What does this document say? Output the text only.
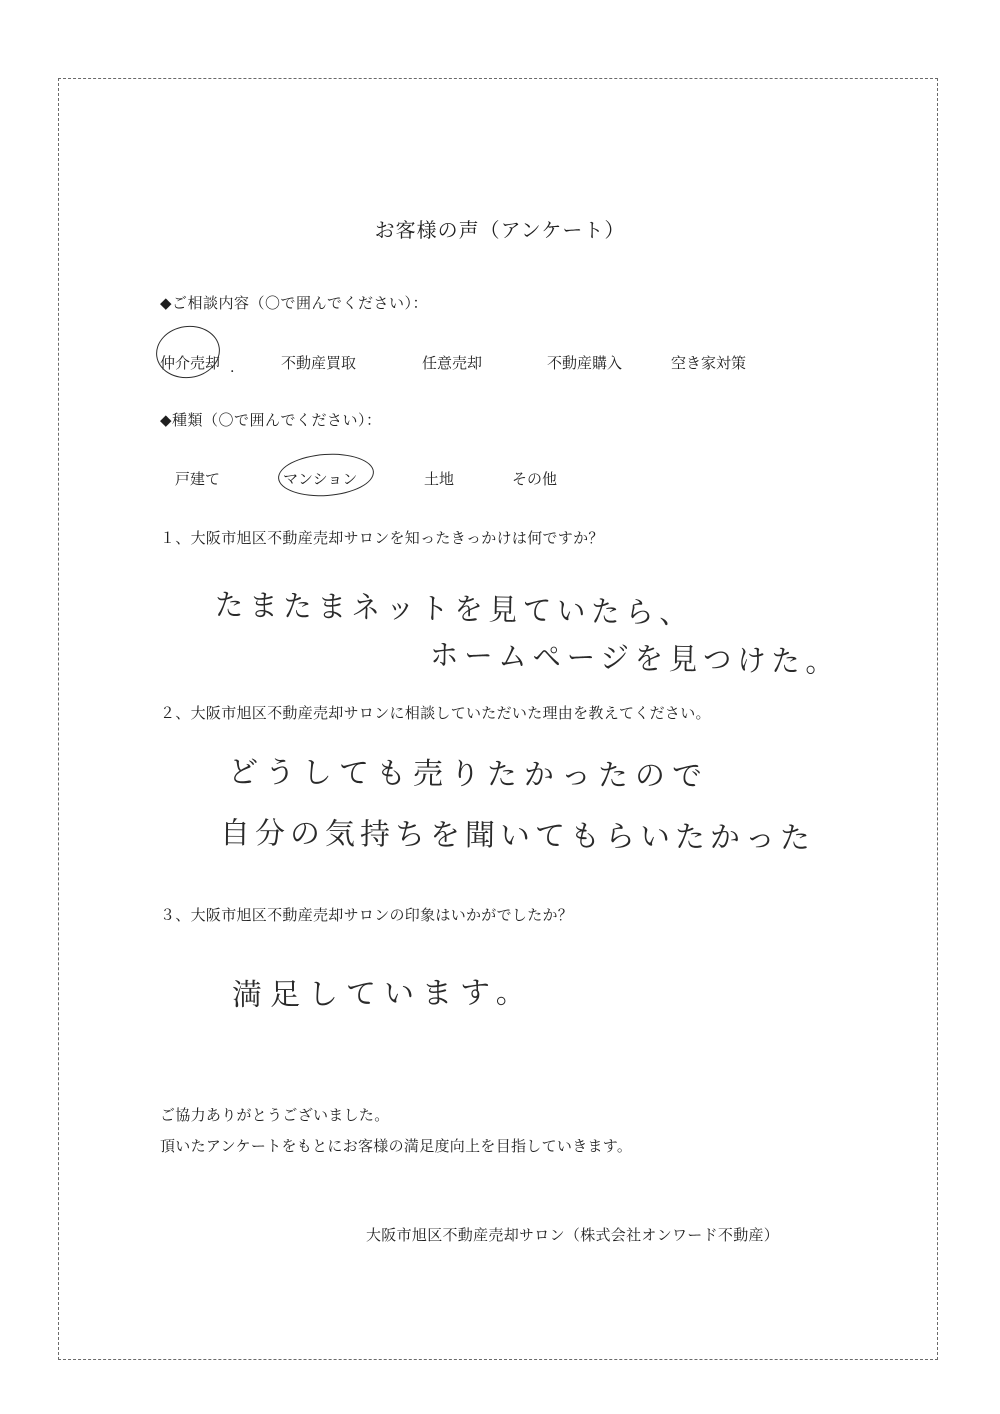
お客様の声（アンケート）
◆ご相談内容（〇で囲んでください）：
仲介売却	不動産買取	任意売却	不動産購入	空き家対策
.
◆種類（〇で囲んでください）：
戸建て	マンション	土地	その他
１、大阪市旭区不動産売却サロンを知ったきっかけは何ですか？
たまたまネットを見ていたら、
ホームページを見つけた。
２、大阪市旭区不動産売却サロンに相談していただいた理由を教えてください。
どうしても売りたかったので
自分の気持ちを聞いてもらいたかった
３、大阪市旭区不動産売却サロンの印象はいかがでしたか？
満足しています。
ご協力ありがとうございました。
頂いたアンケートをもとにお客様の満足度向上を目指していきます。
大阪市旭区不動産売却サロン（株式会社オンワード不動産）
